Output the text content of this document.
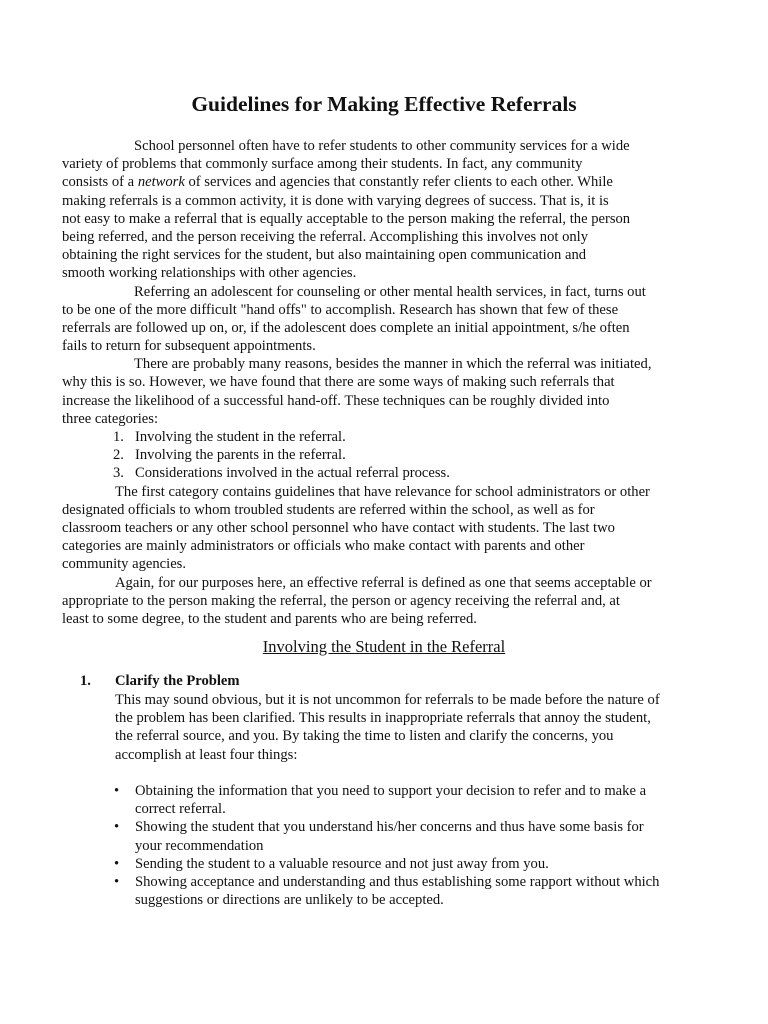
Guidelines for Making Effective Referrals
School personnel often have to refer students to other community services for a wide
variety of problems that commonly surface among their students. In fact, any community
consists of a network of services and agencies that constantly refer clients to each other. While
making referrals is a common activity, it is done with varying degrees of success. That is, it is
not easy to make a referral that is equally acceptable to the person making the referral, the person
being referred, and the person receiving the referral. Accomplishing this involves not only
obtaining the right services for the student, but also maintaining open communication and
smooth working relationships with other agencies.
Referring an adolescent for counseling or other mental health services, in fact, turns out
to be one of the more difficult "hand offs" to accomplish. Research has shown that few of these
referrals are followed up on, or, if the adolescent does complete an initial appointment, s/he often
fails to return for subsequent appointments.
There are probably many reasons, besides the manner in which the referral was initiated,
why this is so. However, we have found that there are some ways of making such referrals that
increase the likelihood of a successful hand-off. These techniques can be roughly divided into
three categories:
1. Involving the student in the referral.
2. Involving the parents in the referral.
3. Considerations involved in the actual referral process.
The first category contains guidelines that have relevance for school administrators or other
designated officials to whom troubled students are referred within the school, as well as for
classroom teachers or any other school personnel who have contact with students. The last two
categories are mainly administrators or officials who make contact with parents and other
community agencies.
Again, for our purposes here, an effective referral is defined as one that seems acceptable or
appropriate to the person making the referral, the person or agency receiving the referral and, at
least to some degree, to the student and parents who are being referred.
Involving the Student in the Referral
1. Clarify the Problem
This may sound obvious, but it is not uncommon for referrals to be made before the nature of
the problem has been clarified. This results in inappropriate referrals that annoy the student,
the referral source, and you. By taking the time to listen and clarify the concerns, you
accomplish at least four things:
• Obtaining the information that you need to support your decision to refer and to make a
correct referral.
• Showing the student that you understand his/her concerns and thus have some basis for
your recommendation
• Sending the student to a valuable resource and not just away from you.
• Showing acceptance and understanding and thus establishing some rapport without which
suggestions or directions are unlikely to be accepted.
